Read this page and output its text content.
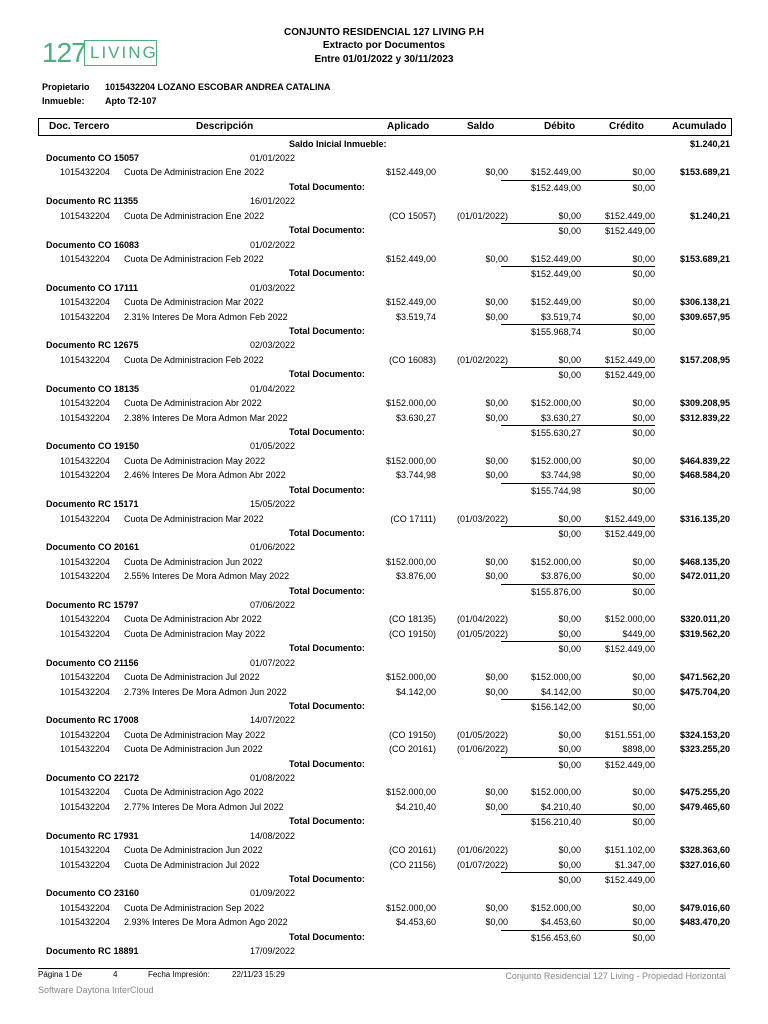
127 LIVING
CONJUNTO RESIDENCIAL 127 LIVING P.H
Extracto por Documentos
Entre 01/01/2022 y 30/11/2023
Propietario 1015432204 LOZANO ESCOBAR ANDREA CATALINA
Inmueble: Apto T2-107
Doc. Tercero	Descripción	Aplicado	Saldo	Débito	Crédito	Acumulado
Saldo Inicial Inmueble:	$1.240,21
Documento CO 15057	01/01/2022
1015432204 Cuota De Administracion Ene 2022	$152.449,00	$0,00	$152.449,00	$0,00	$153.689,21
Total Documento:	$152.449,00	$0,00
Documento RC 11355	16/01/2022
1015432204 Cuota De Administracion Ene 2022	(CO 15057)	(01/01/2022)	$0,00	$152.449,00	$1.240,21
Total Documento:	$0,00	$152.449,00
Documento CO 16083	01/02/2022
1015432204 Cuota De Administracion Feb 2022	$152.449,00	$0,00	$152.449,00	$0,00	$153.689,21
Total Documento:	$152.449,00	$0,00
Documento CO 17111	01/03/2022
1015432204 Cuota De Administracion Mar 2022	$152.449,00	$0,00	$152.449,00	$0,00	$306.138,21
1015432204 2.31% Interes De Mora Admon Feb 2022	$3.519,74	$0,00	$3.519,74	$0,00	$309.657,95
Total Documento:	$155.968,74	$0,00
Documento RC 12675	02/03/2022
1015432204 Cuota De Administracion Feb 2022	(CO 16083)	(01/02/2022)	$0,00	$152.449,00	$157.208,95
Total Documento:	$0,00	$152.449,00
Documento CO 18135	01/04/2022
1015432204 Cuota De Administracion Abr 2022	$152.000,00	$0,00	$152.000,00	$0,00	$309.208,95
1015432204 2.38% Interes De Mora Admon Mar 2022	$3.630,27	$0,00	$3.630,27	$0,00	$312.839,22
Total Documento:	$155.630,27	$0,00
Documento CO 19150	01/05/2022
1015432204 Cuota De Administracion May 2022	$152.000,00	$0,00	$152.000,00	$0,00	$464.839,22
1015432204 2.46% Interes De Mora Admon Abr 2022	$3.744,98	$0,00	$3.744,98	$0,00	$468.584,20
Total Documento:	$155.744,98	$0,00
Documento RC 15171	15/05/2022
1015432204 Cuota De Administracion Mar 2022	(CO 17111)	(01/03/2022)	$0,00	$152.449,00	$316.135,20
Total Documento:	$0,00	$152.449,00
Documento CO 20161	01/06/2022
1015432204 Cuota De Administracion Jun 2022	$152.000,00	$0,00	$152.000,00	$0,00	$468.135,20
1015432204 2.55% Interes De Mora Admon May 2022	$3.876,00	$0,00	$3.876,00	$0,00	$472.011,20
Total Documento:	$155.876,00	$0,00
Documento RC 15797	07/06/2022
1015432204 Cuota De Administracion Abr 2022	(CO 18135)	(01/04/2022)	$0,00	$152.000,00	$320.011,20
1015432204 Cuota De Administracion May 2022	(CO 19150)	(01/05/2022)	$0,00	$449,00	$319.562,20
Total Documento:	$0,00	$152.449,00
Documento CO 21156	01/07/2022
1015432204 Cuota De Administracion Jul 2022	$152.000,00	$0,00	$152.000,00	$0,00	$471.562,20
1015432204 2.73% Interes De Mora Admon Jun 2022	$4.142,00	$0,00	$4.142,00	$0,00	$475.704,20
Total Documento:	$156.142,00	$0,00
Documento RC 17008	14/07/2022
1015432204 Cuota De Administracion May 2022	(CO 19150)	(01/05/2022)	$0,00	$151.551,00	$324.153,20
1015432204 Cuota De Administracion Jun 2022	(CO 20161)	(01/06/2022)	$0,00	$898,00	$323.255,20
Total Documento:	$0,00	$152.449,00
Documento CO 22172	01/08/2022
1015432204 Cuota De Administracion Ago 2022	$152.000,00	$0,00	$152.000,00	$0,00	$475.255,20
1015432204 2.77% Interes De Mora Admon Jul 2022	$4.210,40	$0,00	$4.210,40	$0,00	$479.465,60
Total Documento:	$156.210,40	$0,00
Documento RC 17931	14/08/2022
1015432204 Cuota De Administracion Jun 2022	(CO 20161)	(01/06/2022)	$0,00	$151.102,00	$328.363,60
1015432204 Cuota De Administracion Jul 2022	(CO 21156)	(01/07/2022)	$0,00	$1.347,00	$327.016,60
Total Documento:	$0,00	$152.449,00
Documento CO 23160	01/09/2022
1015432204 Cuota De Administracion Sep 2022	$152.000,00	$0,00	$152.000,00	$0,00	$479.016,60
1015432204 2.93% Interes De Mora Admon Ago 2022	$4.453,60	$0,00	$4.453,60	$0,00	$483.470,20
Total Documento:	$156.453,60	$0,00
Documento RC 18891	17/09/2022
Página 1 De	4	Fecha Impresión:	22/11/23 15:29	Conjunto Residencial 127 Living - Propiedad Horizontal
Software Daytona InterCloud
